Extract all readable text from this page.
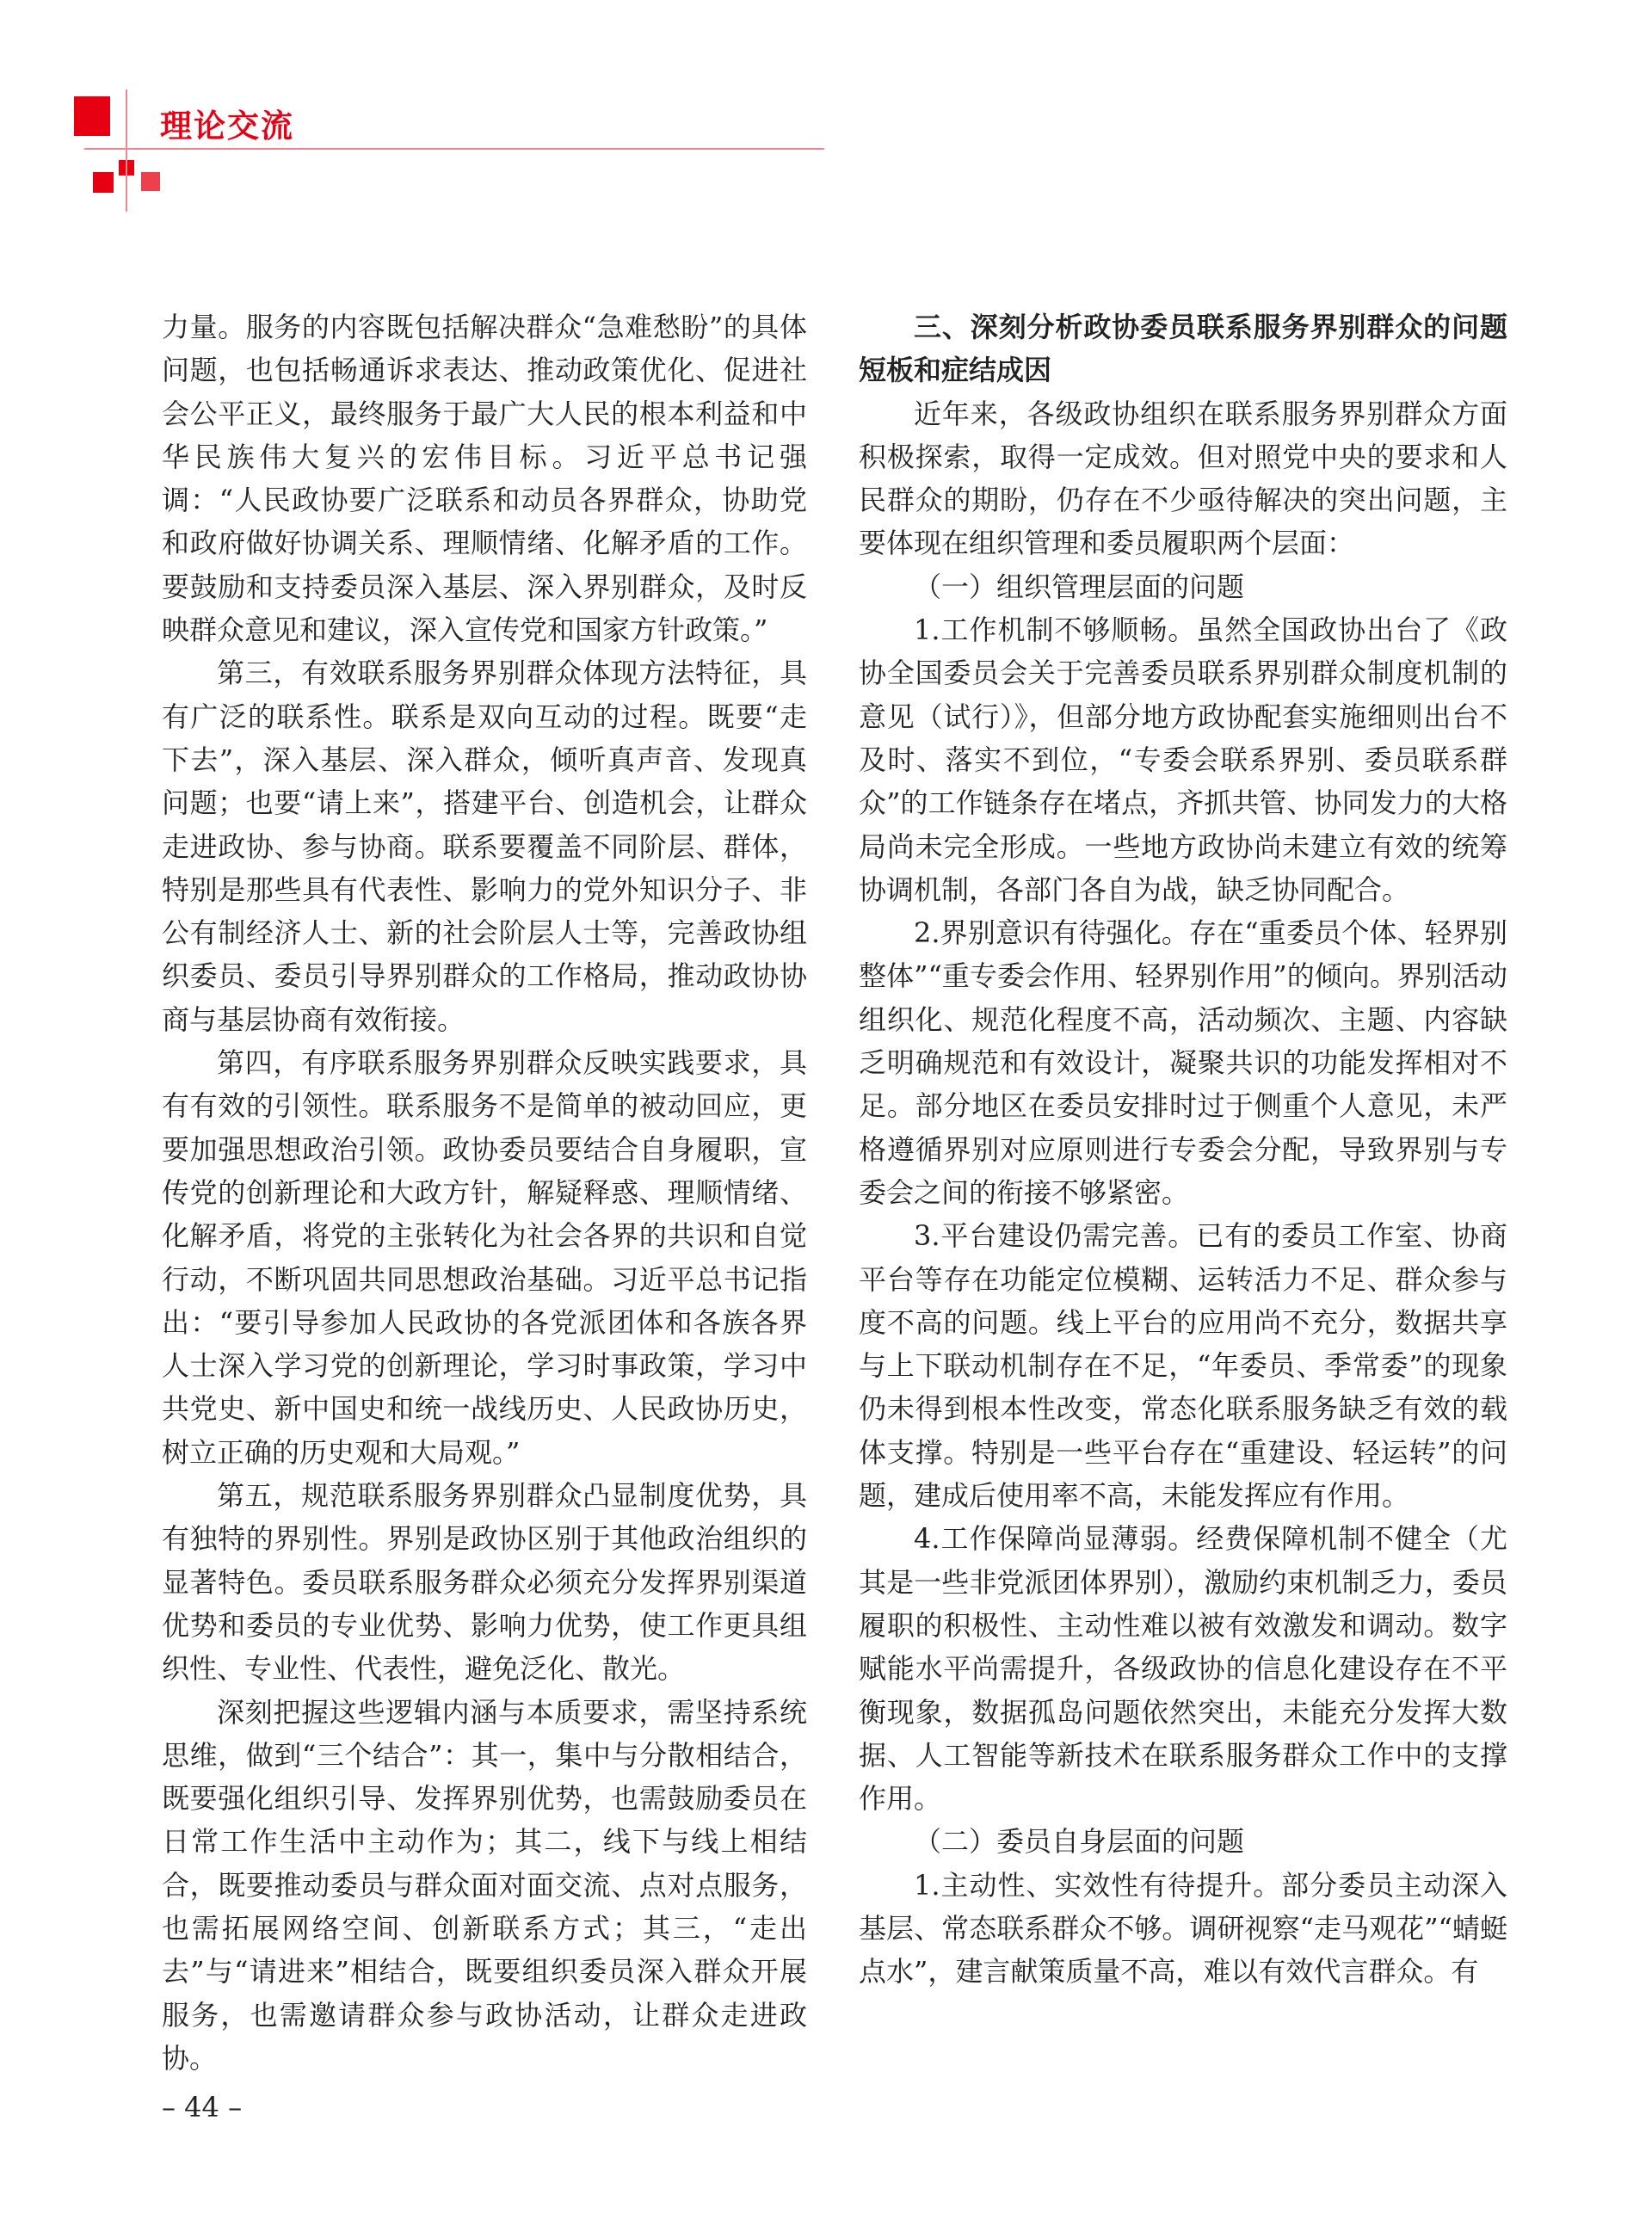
理论交流

力量。服务的内容既包括解决群众“急难愁盼”的具体问题，也包括畅通诉求表达、推动政策优化、促进社会公平正义，最终服务于最广大人民的根本利益和中华民族伟大复兴的宏伟目标。习近平总书记强调：“人民政协要广泛联系和动员各界群众，协助党和政府做好协调关系、理顺情绪、化解矛盾的工作。要鼓励和支持委员深入基层、深入界别群众，及时反映群众意见和建议，深入宣传党和国家方针政策。”

第三，有效联系服务界别群众体现方法特征，具有广泛的联系性。联系是双向互动的过程。既要“走下去”，深入基层、深入群众，倾听真声音、发现真问题；也要“请上来”，搭建平台、创造机会，让群众走进政协、参与协商。联系要覆盖不同阶层、群体，特别是那些具有代表性、影响力的党外知识分子、非公有制经济人士、新的社会阶层人士等，完善政协组织委员、委员引导界别群众的工作格局，推动政协协商与基层协商有效衔接。

第四，有序联系服务界别群众反映实践要求，具有有效的引领性。联系服务不是简单的被动回应，更要加强思想政治引领。政协委员要结合自身履职，宣传党的创新理论和大政方针，解疑释惑、理顺情绪、化解矛盾，将党的主张转化为社会各界的共识和自觉行动，不断巩固共同思想政治基础。习近平总书记指出：“要引导参加人民政协的各党派团体和各族各界人士深入学习党的创新理论，学习时事政策，学习中共党史、新中国史和统一战线历史、人民政协历史，树立正确的历史观和大局观。”

第五，规范联系服务界别群众凸显制度优势，具有独特的界别性。界别是政协区别于其他政治组织的显著特色。委员联系服务群众必须充分发挥界别渠道优势和委员的专业优势、影响力优势，使工作更具组织性、专业性、代表性，避免泛化、散光。

深刻把握这些逻辑内涵与本质要求，需坚持系统思维，做到“三个结合”：其一，集中与分散相结合，既要强化组织引导、发挥界别优势，也需鼓励委员在日常工作生活中主动作为；其二，线下与线上相结合，既要推动委员与群众面对面交流、点对点服务，也需拓展网络空间、创新联系方式；其三，“走出去”与“请进来”相结合，既要组织委员深入群众开展服务，也需邀请群众参与政协活动，让群众走进政协。

三、深刻分析政协委员联系服务界别群众的问题短板和症结成因

近年来，各级政协组织在联系服务界别群众方面积极探索，取得一定成效。但对照党中央的要求和人民群众的期盼，仍存在不少亟待解决的突出问题，主要体现在组织管理和委员履职两个层面：

（一）组织管理层面的问题

1.工作机制不够顺畅。虽然全国政协出台了《政协全国委员会关于完善委员联系界别群众制度机制的意见（试行）》，但部分地方政协配套实施细则出台不及时、落实不到位，“专委会联系界别、委员联系群众”的工作链条存在堵点，齐抓共管、协同发力的大格局尚未完全形成。一些地方政协尚未建立有效的统筹协调机制，各部门各自为战，缺乏协同配合。

2.界别意识有待强化。存在“重委员个体、轻界别整体”“重专委会作用、轻界别作用”的倾向。界别活动组织化、规范化程度不高，活动频次、主题、内容缺乏明确规范和有效设计，凝聚共识的功能发挥相对不足。部分地区在委员安排时过于侧重个人意见，未严格遵循界别对应原则进行专委会分配，导致界别与专委会之间的衔接不够紧密。

3.平台建设仍需完善。已有的委员工作室、协商平台等存在功能定位模糊、运转活力不足、群众参与度不高的问题。线上平台的应用尚不充分，数据共享与上下联动机制存在不足，“年委员、季常委”的现象仍未得到根本性改变，常态化联系服务缺乏有效的载体支撑。特别是一些平台存在“重建设、轻运转”的问题，建成后使用率不高，未能发挥应有作用。

4.工作保障尚显薄弱。经费保障机制不健全（尤其是一些非党派团体界别），激励约束机制乏力，委员履职的积极性、主动性难以被有效激发和调动。数字赋能水平尚需提升，各级政协的信息化建设存在不平衡现象，数据孤岛问题依然突出，未能充分发挥大数据、人工智能等新技术在联系服务群众工作中的支撑作用。

（二）委员自身层面的问题

1.主动性、实效性有待提升。部分委员主动深入基层、常态联系群众不够。调研视察“走马观花”“蜻蜓点水”，建言献策质量不高，难以有效代言群众。有

– 44 –
